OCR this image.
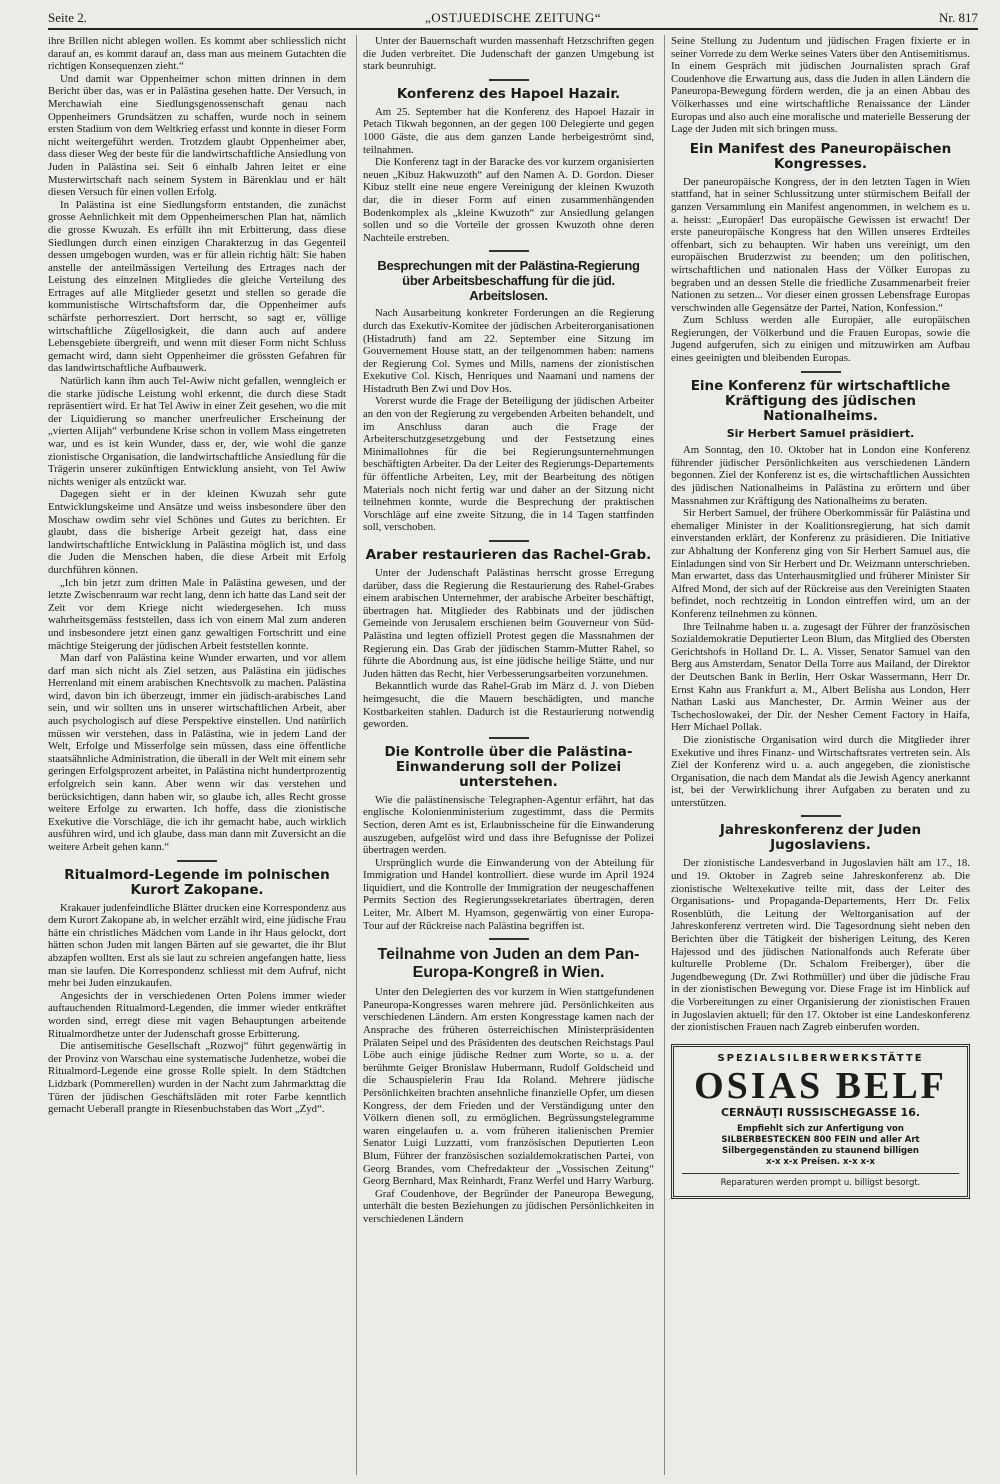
Seite 2.	„OSTJUEDISCHE ZEITUNG“	Nr. 817

ihre Brillen nicht ablegen wollen. Es kommt aber schliesslich nicht darauf an, es kommt darauf an, dass man aus meinem Gutachten die richtigen Konsequenzen zieht.“

Und damit war Oppenheimer schon mitten drinnen in dem Bericht über das, was er in Palästina gesehen hatte. Der Versuch, in Merchawiah eine Siedlungsgenossenschaft genau nach Oppenheimers Grundsätzen zu schaffen, wurde noch in seinem ersten Stadium von dem Weltkrieg erfasst und konnte in dieser Form nicht weitergeführt werden. Trotzdem glaubt Oppenheimer aber, dass dieser Weg der beste für die landwirtschaftliche Ansiedlung von Juden in Palästina sei. Seit 6 einhalb Jahren leitet er eine Musterwirtschaft nach seinem System in Bärenklau und er hält diesen Versuch für einen vollen Erfolg.

In Palästina ist eine Siedlungsform entstanden, die zunächst grosse Aehnlichkeit mit dem Oppenheimerschen Plan hat, nämlich die grosse Kwuzah. Es erfüllt ihn mit Erbitterung, dass diese Siedlungen durch einen einzigen Charakterzug in das Gegenteil dessen umgebogen wurden, was er für allein richtig hält: Sie haben anstelle der anteilmässigen Verteilung des Ertrages nach der Leistung des einzelnen Mitgliedes die gleiche Verteilung des Ertrages auf alle Mitglieder gesetzt und stellen so gerade die kommunistische Wirtschaftsform dar, die Oppenheimer aufs schärfste perhorresziert. Dort herrscht, so sagt er, völlige wirtschaftliche Zügellosigkeit, die dann auch auf andere Lebensgebiete übergreift, und wenn mit dieser Form nicht Schluss gemacht wird, dann sieht Oppenheimer die grössten Gefahren für das landwirtschaftliche Aufbauwerk.

Natürlich kann ihm auch Tel-Awiw nicht gefallen, wenngleich er die starke jüdische Leistung wohl erkennt, die durch diese Stadt repräsentiert wird. Er hat Tel Awiw in einer Zeit gesehen, wo die mit der Liquidierung so mancher unerfreulicher Erscheinung der „vierten Alijah“ verbundene Krise schon in vollem Mass eingetreten war, und es ist kein Wunder, dass er, der, wie wohl die ganze zionistische Organisation, die landwirtschaftliche Ansiedlung für die Trägerin unserer zukünftigen Entwicklung ansieht, von Tel Awiw nichts weniger als entzückt war.

Dagegen sieht er in der kleinen Kwuzah sehr gute Entwicklungskeime und Ansätze und weiss insbesondere über den Moschaw owdim sehr viel Schönes und Gutes zu berichten. Er glaubt, dass die bisherige Arbeit gezeigt hat, dass eine landwirtschaftliche Entwicklung in Palästina möglich ist, und dass die Juden die Menschen haben, die diese Arbeit mit Erfolg durchführen können.

„Ich bin jetzt zum dritten Male in Palästina gewesen, und der letzte Zwischenraum war recht lang, denn ich hatte das Land seit der Zeit vor dem Kriege nicht wiedergesehen. Ich muss wahrheitsgemäss feststellen, dass ich von einem Mal zum anderen und insbesondere jetzt einen ganz gewaltigen Fortschritt und eine mächtige Steigerung der jüdischen Arbeit feststellen konnte.

Man darf von Palästina keine Wunder erwarten, und vor allem darf man sich nicht als Ziel setzen, aus Palästina ein jüdisches Herrenland mit einem arabischen Knechtsvolk zu machen. Palästina wird, davon bin ich überzeugt, immer ein jüdisch-arabisches Land sein, und wir sollten uns in unserer wirtschaftlichen Arbeit, aber auch psychologisch auf diese Perspektive einstellen. Und natürlich müssen wir verstehen, dass in Palästina, wie in jedem Land der Welt, Erfolge und Misserfolge sein müssen, dass eine öffentliche staatsähnliche Administration, die überall in der Welt mit einem sehr geringen Erfolgsprozent arbeitet, in Palästina nicht hundertprozentig erfolgreich sein kann. Aber wenn wir das verstehen und berücksichtigen, dann haben wir, so glaube ich, alles Recht grosse weitere Erfolge zu erwarten. Ich hoffe, dass die zionistische Exekutive die Vorschläge, die ich ihr gemacht habe, auch wirklich ausführen wird, und ich glaube, dass man dann mit Zuversicht an die weitere Arbeit gehen kann.“

Ritualmord-Legende im polnischen Kurort Zakopane.

Krakauer judenfeindliche Blätter drucken eine Korrespondenz aus dem Kurort Zakopane ab, in welcher erzählt wird, eine jüdische Frau hätte ein christliches Mädchen vom Lande in ihr Haus gelockt, dort hätten schon Juden mit langen Bärten auf sie gewartet, die ihr Blut abzapfen wollten. Erst als sie laut zu schreien angefangen hatte, liess man sie laufen. Die Korrespondenz schliesst mit dem Aufruf, nicht mehr bei Juden einzukaufen.

Angesichts der in verschiedenen Orten Polens immer wieder auftauchenden Ritualmord-Legenden, die immer wieder entkräftet worden sind, erregt diese mit vagen Behauptungen arbeitende Ritualmordhetze unter der Judenschaft grosse Erbitterung.

Die antisemitische Gesellschaft „Rozwoj“ führt gegenwärtig in der Provinz von Warschau eine systematische Judenhetze, wobei die Ritualmord-Legende eine grosse Rolle spielt. In dem Städtchen Lidzbark (Pommerellen) wurden in der Nacht zum Jahrmarkttag die Türen der jüdischen Geschäftsläden mit roter Farbe kenntlich gemacht Ueberall prangte in Riesenbuchstaben das Wort „Zyd“.

Unter der Bauernschaft wurden massenhaft Hetzschriften gegen die Juden verbreitet. Die Judenschaft der ganzen Umgebung ist stark beunruhigt.

Konferenz des Hapoel Hazair.

Am 25. September hat die Konferenz des Hapoel Hazair in Petach Tikwah begonnen, an der gegen 100 Delegierte und gegen 1000 Gäste, die aus dem ganzen Lande herbeigeströmt sind, teilnahmen.

Die Konferenz tagt in der Baracke des vor kurzem organisierten neuen „Kibuz Hakwuzoth“ auf den Namen A. D. Gordon. Dieser Kibuz stellt eine neue engere Vereinigung der kleinen Kwuzoth dar, die in dieser Form auf einen zusammenhängenden Bodenkomplex als „kleine Kwuzoth“ zur Ansiedlung gelangen sollen und so die Vorteile der grossen Kwuzoth ohne deren Nachteile erstreben.

Besprechungen mit der Palästina-Regierung über Arbeitsbeschaffung für die jüd. Arbeitslosen.

Nach Ausarbeitung konkreter Forderungen an die Regierung durch das Exekutiv-Komitee der jüdischen Arbeiterorganisationen (Histadruth) fand am 22. September eine Sitzung im Gouvernement House statt, an der teilgenommen haben: namens der Regierung Col. Symes und Mills, namens der zionistischen Exekutive Col. Kisch, Henriques und Naamani und namens der Histadruth Ben Zwi und Dov Hos.

Vorerst wurde die Frage der Beteiligung der jüdischen Arbeiter an den von der Regierung zu vergebenden Arbeiten behandelt, und im Anschluss daran auch die Frage der Arbeiterschutzgesetzgebung und der Festsetzung eines Minimallohnes für die bei Regierungsunternehmungen beschäftigten Arbeiter. Da der Leiter des Regierungs-Departements für öffentliche Arbeiten, Ley, mit der Bearbeitung des nötigen Materials noch nicht fertig war und daher an der Sitzung nicht teilnehmen konnte, wurde die Besprechung der praktischen Vorschläge auf eine zweite Sitzung, die in 14 Tagen stattfinden soll, verschoben.

Araber restaurieren das Rachel-Grab.

Unter der Judenschaft Palästinas herrscht grosse Erregung darüber, dass die Regierung die Restaurierung des Rahel-Grabes einem arabischen Unternehmer, der arabische Arbeiter beschäftigt, übertragen hat. Mitglieder des Rabbinats und der jüdischen Gemeinde von Jerusalem erschienen beim Gouverneur von Süd-Palästina und legten offiziell Protest gegen die Massnahmen der Regierung ein. Das Grab der jüdischen Stamm-Mutter Rahel, so führte die Abordnung aus, ist eine jüdische heilige Stätte, und nur Juden hätten das Recht, hier Verbesserungsarbeiten vorzunehmen.

Bekanntlich wurde das Rahel-Grab im März d. J. von Dieben heimgesucht, die die Mauern beschädigten, und manche Kostbarkeiten stahlen. Dadurch ist die Restaurierung notwendig geworden.

Die Kontrolle über die Palästina-Einwanderung soll der Polizei unterstehen.

Wie die palästinensische Telegraphen-Agentur erfährt, hat das englische Kolonienministerium zugestimmt, dass die Permits Section, deren Amt es ist, Erlaubnisscheine für die Einwanderung auszugeben, aufgelöst wird und dass ihre Befugnisse der Polizei übertragen werden.

Ursprünglich wurde die Einwanderung von der Abteilung für Immigration und Handel kontrolliert. diese wurde im April 1924 liquidiert, und die Kontrolle der Immigration der neugeschaffenen Permits Section des Regierungssekretariates übertragen, deren Leiter, Mr. Albert M. Hyamson, gegenwärtig von einer Europa-Tour auf der Rückreise nach Palästina begriffen ist.

Teilnahme von Juden an dem Pan-Europa-Kongreß in Wien.

Unter den Delegierten des vor kurzem in Wien stattgefundenen Paneuropa-Kongresses waren mehrere jüd. Persönlichkeiten aus verschiedenen Ländern. Am ersten Kongresstage kamen nach der Ansprache des früheren österreichischen Ministerpräsidenten Prälaten Seipel und des Präsidenten des deutschen Reichstags Paul Löbe auch einige jüdische Redner zum Worte, so u. a. der berühmte Geiger Bronislaw Hubermann, Rudolf Goldscheid und die Schauspielerin Frau Ida Roland. Mehrere jüdische Persönlichkeiten brachten ansehnliche finanzielle Opfer, um diesen Kongress, der dem Frieden und der Verständigung unter den Völkern dienen soll, zu ermöglichen. Begrüssungstelegramme waren eingelaufen u. a. vom früheren italienischen Premier Senator Luigi Luzzatti, vom französischen Deputierten Leon Blum, Führer der französischen sozialdemokratischen Partei, von Georg Brandes, vom Chefredakteur der „Vossischen Zeitung“ Georg Bernhard, Max Reinhardt, Franz Werfel und Harry Warburg.

Graf Coudenhove, der Begründer der Paneuropa Bewegung, unterhält die besten Beziehungen zu jüdischen Persönlichkeiten in verschiedenen Ländern

Seine Stellung zu Judentum und jüdischen Fragen fixierte er in seiner Vorrede zu dem Werke seines Vaters über den Antisemitismus. In einem Gespräch mit jüdischen Journalisten sprach Graf Coudenhove die Erwartung aus, dass die Juden in allen Ländern die Paneuropa-Bewegung fördern werden, die ja an einen Abbau des Völkerhasses und eine wirtschaftliche Renaissance der Länder Europas und also auch eine moralische und materielle Besserung der Lage der Juden mit sich bringen muss.

Ein Manifest des Paneuropäischen Kongresses.

Der paneuropäische Kongress, der in den letzten Tagen in Wien stattfand, hat in seiner Schlussitzung unter stürmischem Beifall der ganzen Versammlung ein Manifest angenommen, in welchem es u. a. heisst: „Europäer! Das europäische Gewissen ist erwacht! Der erste paneuropäische Kongress hat den Willen unseres Erdteiles offenbart, sich zu behaupten. Wir haben uns vereinigt, um den europäischen Bruderzwist zu beenden; um den politischen, wirtschaftlichen und nationalen Hass der Völker Europas zu begraben und an dessen Stelle die friedliche Zusammenarbeit freier Nationen zu setzen... Vor dieser einen grossen Lebensfrage Europas verschwinden alle Gegensätze der Partei, Nation, Konfession.“

Zum Schluss werden alle Europäer, alle europäischen Regierungen, der Völkerbund und die Frauen Europas, sowie die Jugend aufgerufen, sich zu einigen und mitzuwirken am Aufbau eines geeinigten und bleibenden Europas.

Eine Konferenz für wirtschaftliche Kräftigung des jüdischen Nationalheims.
Sir Herbert Samuel präsidiert.

Am Sonntag, den 10. Oktober hat in London eine Konferenz führender jüdischer Persönlichkeiten aus verschiedenen Ländern begonnen. Ziel der Konferenz ist es, die wirtschaftlichen Aussichten des jüdischen Nationalheims in Palästina zu erörtern und über Massnahmen zur Kräftigung des Nationalheims zu beraten.

Sir Herbert Samuel, der frühere Oberkommissär für Palästina und ehemaliger Minister in der Koalitionsregierung, hat sich damit einverstanden erklärt, der Konferenz zu präsidieren. Die Initiative zur Abhaltung der Konferenz ging von Sir Herbert Samuel aus, die Einladungen sind von Sir Herbert und Dr. Weizmann unterschrieben. Man erwartet, dass das Unterhausmitglied und früherer Minister Sir Alfred Mond, der sich auf der Rückreise aus den Vereinigten Staaten befindet, noch rechtzeitig in London eintreffen wird, um an der Konferenz teilnehmen zu können.

Ihre Teilnahme haben u. a. zugesagt der Führer der französischen Sozialdemokratie Deputierter Leon Blum, das Mitglied des Obersten Gerichtshofs in Holland Dr. L. A. Visser, Senator Samuel van den Berg aus Amsterdam, Senator Della Torre aus Mailand, der Direktor der Deutschen Bank in Berlin, Herr Oskar Wassermann, Herr Dr. Ernst Kahn aus Frankfurt a. M., Albert Belisha aus London, Herr Nathan Laski aus Manchester, Dr. Armin Weiner aus der Tschechoslowakei, der Dir. der Nesher Cement Factory in Haifa, Herr Michael Pollak.

Die zionistische Organisation wird durch die Mitglieder ihrer Exekutive und ihres Finanz- und Wirtschaftsrates vertreten sein. Als Ziel der Konferenz wird u. a. auch angegeben, die zionistische Organisation, die nach dem Mandat als die Jewish Agency anerkannt ist, bei der Verwirklichung ihrer Aufgaben zu beraten und zu unterstützen.

Jahreskonferenz der Juden Jugoslaviens.

Der zionistische Landesverband in Jugoslavien hält am 17., 18. und 19. Oktober in Zagreb seine Jahreskonferenz ab. Die zionistische Weltexekutive teilte mit, dass der Leiter des Organisations- und Propaganda-Departements, Herr Dr. Felix Rosenblüth, die Leitung der Weltorganisation auf der Jahreskonferenz vertreten wird. Die Tagesordnung sieht neben den Berichten über die Tätigkeit der bisherigen Leitung, des Keren Hajessod und des jüdischen Nationalfonds auch Referate über kulturelle Probleme (Dr. Schalom Freiberger), über die Jugendbewegung (Dr. Zwi Rothmüller) und über die jüdische Frau in der zionistischen Bewegung vor. Diese Frage ist im Hinblick auf die Vorbereitungen zu einer Organisierung der zionistischen Frauen in Jugoslavien aktuell; für den 17. Oktober ist eine Landeskonferenz der zionistischen Frauen nach Zagreb einberufen worden.

SPEZIALSILBERWERKSTÄTTE
OSIAS BELF
CERNĂUŢI RUSSISCHEGASSE 16.
Empfiehlt sich zur Anfertigung von
SILBERBESTECKEN 800 FEIN und aller Art
Silbergegenständen zu staunend billigen
x-x x-x Preisen. x-x x-x
Reparaturen werden prompt u. billigst besorgt.
